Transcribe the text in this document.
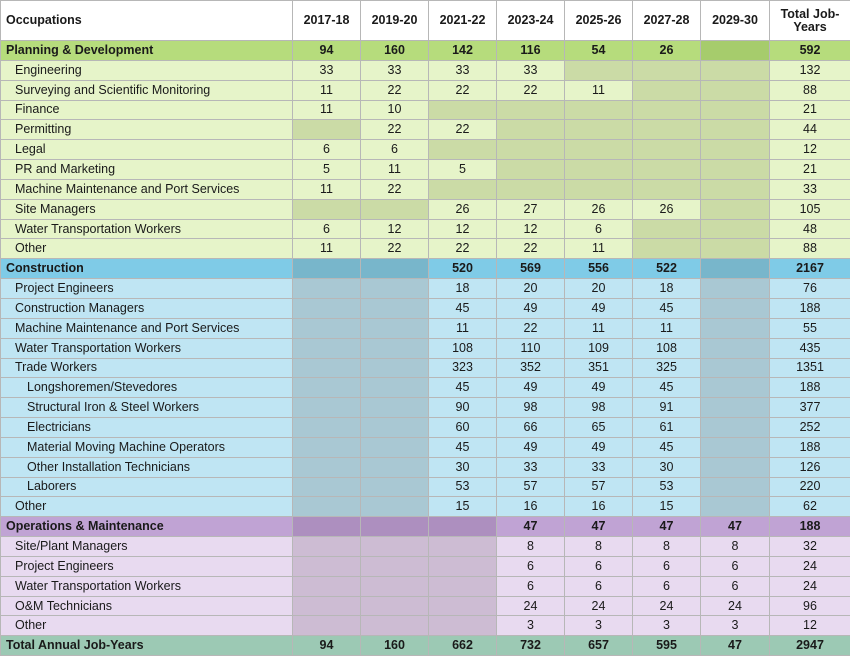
Occupations	2017-18	2019-20	2021-22	2023-24	2025-26	2027-28	2029-30	Total Job-Years
Planning & Development	94	160	142	116	54	26		592
Engineering	33	33	33	33				132
Surveying and Scientific Monitoring	11	22	22	22	11			88
Finance	11	10						21
Permitting		22	22					44
Legal	6	6						12
PR and Marketing	5	11	5					21
Machine Maintenance and Port Services	11	22						33
Site Managers			26	27	26	26		105
Water Transportation Workers	6	12	12	12	6			48
Other	11	22	22	22	11			88
Construction			520	569	556	522		2167
Project Engineers			18	20	20	18		76
Construction Managers			45	49	49	45		188
Machine Maintenance and Port Services			11	22	11	11		55
Water Transportation Workers			108	110	109	108		435
Trade Workers			323	352	351	325		1351
Longshoremen/Stevedores			45	49	49	45		188
Structural Iron & Steel Workers			90	98	98	91		377
Electricians			60	66	65	61		252
Material Moving Machine Operators			45	49	49	45		188
Other Installation Technicians			30	33	33	30		126
Laborers			53	57	57	53		220
Other			15	16	16	15		62
Operations & Maintenance				47	47	47	47	188
Site/Plant Managers				8	8	8	8	32
Project Engineers				6	6	6	6	24
Water Transportation Workers				6	6	6	6	24
O&M Technicians				24	24	24	24	96
Other				3	3	3	3	12
Total Annual Job-Years	94	160	662	732	657	595	47	2947
